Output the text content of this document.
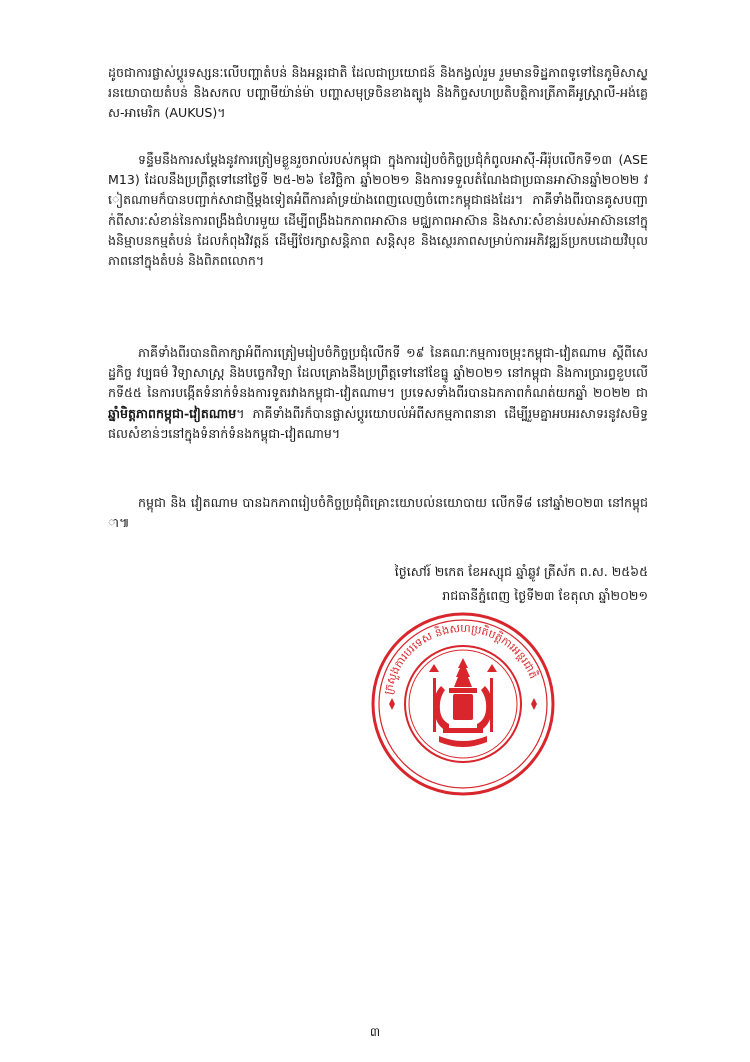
ដូចជាការផ្លាស់ប្តូរទស្សនៈលើបញ្ហាតំបន់ និងអន្តរជាតិ ដែលជាប្រយោជន៍ និងកង្វល់រួម រួមមានទិដ្ឋភាពទូទៅនៃភូមិសាស្ត្រនយោបាយតំបន់ និងសកល បញ្ហាមីយ៉ាន់ម៉ា បញ្ហាសមុទ្រចិនខាងត្បូង និងកិច្ចសហប្រតិបត្តិការត្រីភាគីអូស្ត្រាលី-អង់គ្លេស-អាមេរិក (AUKUS)។

ទន្ទឹមនឹងការសម្តែងនូវការត្រៀមខ្លួនរួចរាល់របស់កម្ពុជា ក្នុងការរៀបចំកិច្ចប្រជុំកំពូលអាស៊ី-អឺរ៉ុបលើកទី១៣ (ASEM13) ដែលនឹងប្រព្រឹត្តទៅនៅថ្ងៃទី ២៥-២៦ ខែវិច្ឆិកា ឆ្នាំ២០២១ និងការទទួលតំណែងជាប្រធានអាស៊ានឆ្នាំ២០២២ វៀតណាមក៏បានបញ្ជាក់សាជាថ្មីម្តងទៀតអំពីការគាំទ្រយ៉ាងពេញលេញចំពោះកម្ពុជាផងដែរ។ ភាគីទាំងពីរបានគូសបញ្ជាក់ពីសារៈសំខាន់នៃការពង្រឹងជំហរមួយ ដើម្បីពង្រឹងឯកភាពអាស៊ាន មជ្ឈភាពអាស៊ាន និងសារៈសំខាន់របស់អាស៊ាននៅក្នុងនិម្មាបនកម្មតំបន់ ដែលកំពុងវិវត្តន៍ ដើម្បីថែរក្សាសន្តិភាព សន្តិសុខ និងស្ថេរភាពសម្រាប់ការអភិវឌ្ឍន៍ប្រកបដោយវិបុលភាពនៅក្នុងតំបន់ និងពិភពលោក។

ភាគីទាំងពីរបានពិភាក្សាអំពីការត្រៀមរៀបចំកិច្ចប្រជុំលើកទី ១៩ នៃគណៈកម្មការចម្រុះកម្ពុជា-វៀតណាម ស្តីពីសេដ្ឋកិច្ច វប្បធម៌ វិទ្យាសាស្ត្រ និងបច្ចេកវិទ្យា ដែលគ្រោងនឹងប្រព្រឹត្តទៅនៅខែធ្នូ ឆ្នាំ២០២១ នៅកម្ពុជា និងការប្រារព្ធខួបលើកទី៥៥ នៃការបង្កើតទំនាក់ទំនងការទូតរវាងកម្ពុជា-វៀតណាម។ ប្រទេសទាំងពីរបានឯកភាពកំណត់យកឆ្នាំ ២០២២ ជា ឆ្នាំមិត្តភាពកម្ពុជា-វៀតណាម។ ភាគីទាំងពីរក៏បានផ្លាស់ប្តូរយោបល់អំពីសកម្មភាពនានា ដើម្បីរួមគ្នាអបអរសាទរនូវសមិទ្ធផលសំខាន់ៗនៅក្នុងទំនាក់ទំនងកម្ពុជា-វៀតណាម។

កម្ពុជា និង វៀតណាម បានឯកភាពរៀបចំកិច្ចប្រជុំពិគ្រោះយោបល់នយោបាយ លើកទី៨ នៅឆ្នាំ២០២៣ នៅកម្ពុជា៕

ថ្ងៃសៅរ៍ ២កេត ខែអស្សុជ ឆ្នាំឆ្លូវ ត្រីស័ក ព.ស. ២៥៦៥
រាជធានីភ្នំពេញ ថ្ងៃទី២៣ ខែតុលា ឆ្នាំ២០២១
ក្រសួងការបរទេស និងសហប្រតិបត្តិការអន្តរជាតិ
៣
